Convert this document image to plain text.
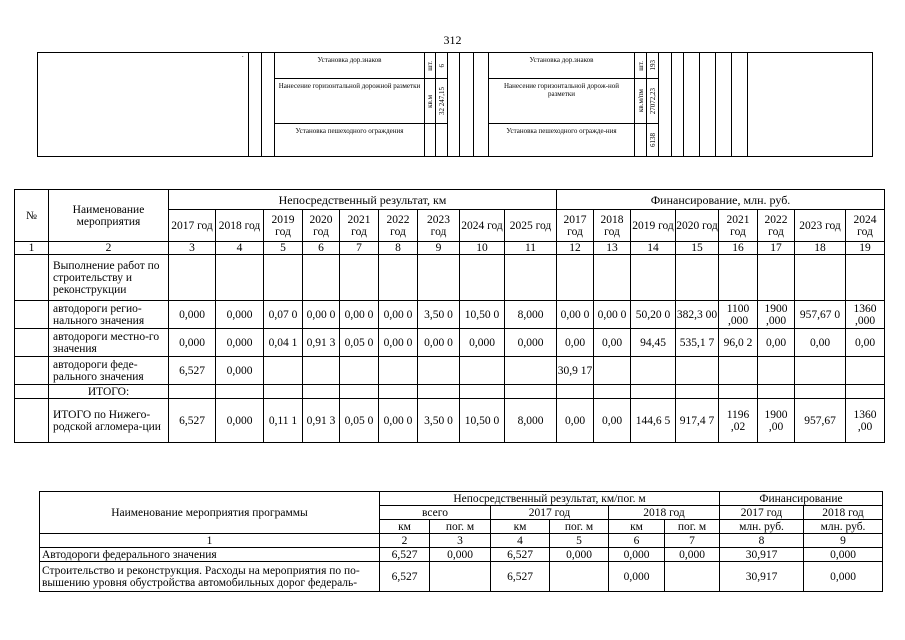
312
·			Установка дор.знаков	шт.	6				Установка дор.знаков	шт.	193							

			Нанесение горизонтальной дорожной разметки	кв.м	32 247,15				Нанесение горизонтальной дорож-ной разметки	кв.м/пм	27072,23							

			Установка пешеходного ограждения						Установка пешеходного огражде-ния		6138							
№	Наименование мероприятия	Непосредственный результат, км									Финансирование, млн. руб.							
		2017 год	2018 год	2019 год	2020 год	2021 год	2022 год	2023 год	2024 год	2025 год	2017 год	2018 год	2019 год	2020 год	2021 год	2022 год	2023 год	2024 год
1	2	3	4	5	6	7	8	9	10	11	12	13	14	15	16	17	18	19
	Выполнение работ по строительству и реконструкции																	
	автодороги регио-нального значения	0,000	0,000	0,07 0	0,00 0	0,00 0	0,00 0	3,50 0	10,50 0	8,000	0,00 0	0,00 0	50,20 0	382,3 00	1100 ,000	1900 ,000	957,67 0	1360 ,000
	автодороги местно-го значения	0,000	0,000	0,04 1	0,91 3	0,05 0	0,00 0	0,00 0	0,000	0,000	0,00	0,00	94,45	535,1 7	96,0 2	0,00	0,00	0,00
	автодороги феде-рального значения	6,527	0,000								30,9 17							
	ИТОГО:																	
	ИТОГО по Нижего-родской агломера-ции	6,527	0,000	0,11 1	0,91 3	0,05 0	0,00 0	3,50 0	10,50 0	8,000	0,00	0,00	144,6 5	917,4 7	1196 ,02	1900 ,00	957,67	1360 ,00
Наименование мероприятия программы	Непосредственный результат, км/пог. м						Финансирование	
	всего		2017 год		2018 год		2017 год	2018 год
	км	пог. м	км	пог. м	км	пог. м	млн. руб.	млн. руб.
1	2	3	4	5	6	7	8	9
Автодороги федерального значения	6,527	0,000	6,527	0,000	0,000	0,000	30,917	0,000
Строительство и реконструкция. Расходы на мероприятия по по-вышению уровня обустройства автомобильных дорог федераль-	6,527		6,527		0,000		30,917	0,000
